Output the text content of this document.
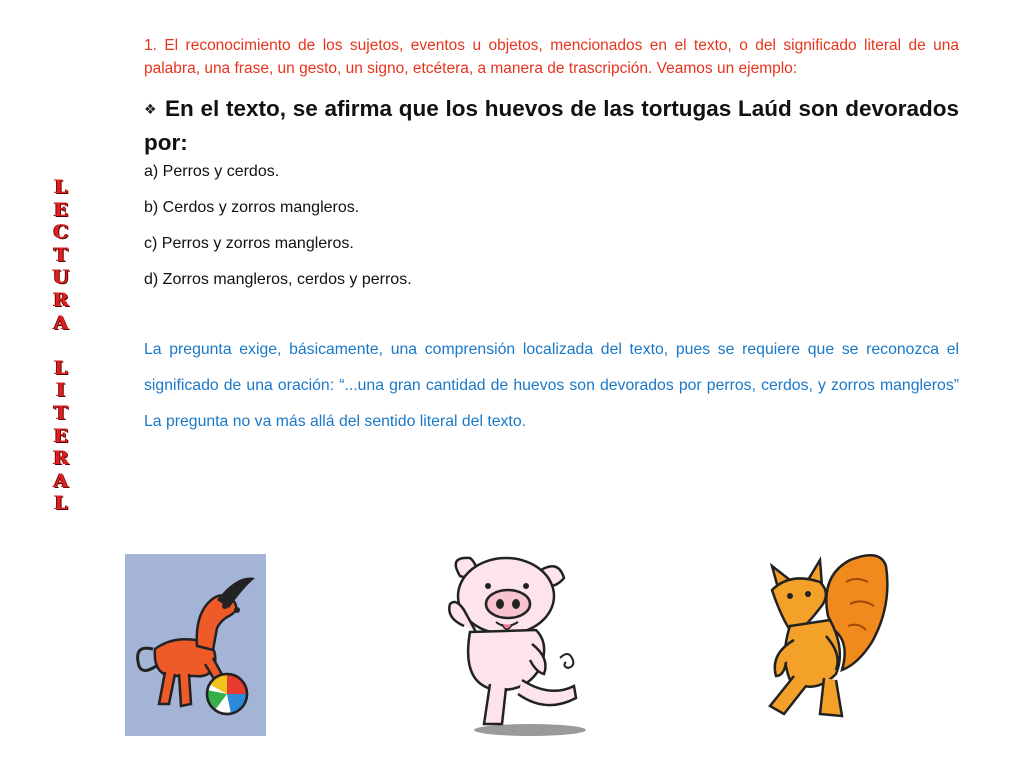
L
E
C
T
U
R
A
L
I
T
E
R
A
L

1. El reconocimiento de los sujetos, eventos u objetos, mencionados en el texto, o del significado literal de una palabra, una frase, un gesto, un signo, etcétera, a manera de trascripción. Veamos un ejemplo:

❖ En el texto, se afirma que los huevos de las tortugas Laúd son devorados por:

a) Perros y cerdos.

b) Cerdos y zorros mangleros.

c) Perros y zorros mangleros.

d) Zorros mangleros, cerdos y perros.

La pregunta exige, básicamente, una comprensión localizada del texto, pues se requiere que se reconozca el significado de una oración: “...una gran cantidad de huevos son devorados por perros, cerdos, y zorros mangleros” La pregunta no va más allá del sentido literal del texto.
